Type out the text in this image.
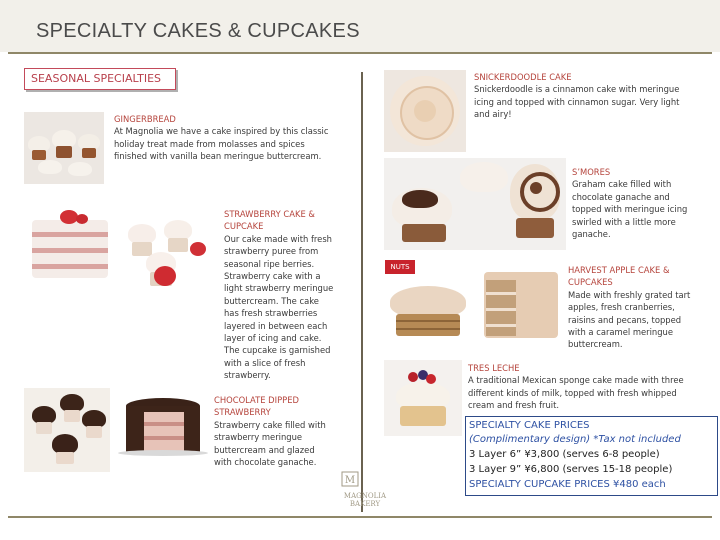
SPECIALTY CAKES & CUPCAKES
SEASONAL SPECIALTIES
GINGERBREAD
At Magnolia we have a cake inspired by this classic holiday treat made from molasses and spices finished with vanilla bean meringue buttercream.
STRAWBERRY CAKE & CUPCAKE
Our cake made with fresh strawberry puree from seasonal ripe berries. Strawberry cake with a light strawberry meringue buttercream. The cake has fresh strawberries layered in between each layer of icing and cake. The cupcake is garnished with a slice of fresh strawberry.
CHOCOLATE DIPPED STRAWBERRY
Strawberry cake filled with strawberry meringue buttercream and glazed with chocolate ganache.
M
MAGNOLIA
BAKERY
SNICKERDOODLE CAKE
Snickerdoodle is a cinnamon cake with meringue icing and topped with cinnamon sugar. Very light and airy!
S’MORES
Graham cake filled with chocolate ganache and topped with meringue icing swirled with a little more ganache.
NUTS	HARVEST APPLE CAKE & CUPCAKES
Made with freshly grated tart apples, fresh cranberries, raisins and pecans, topped with a caramel meringue buttercream.
TRES LECHE
A traditional Mexican sponge cake made with three different kinds of milk, topped with fresh whipped cream and fresh fruit.
SPECIALTY CAKE PRICES
(Complimentary design) *Tax not included
3 Layer 6” ¥3,800 (serves 6-8 people)
3 Layer 9” ¥6,800 (serves 15-18 people)
SPECIALTY CUPCAKE PRICES ¥480 each
